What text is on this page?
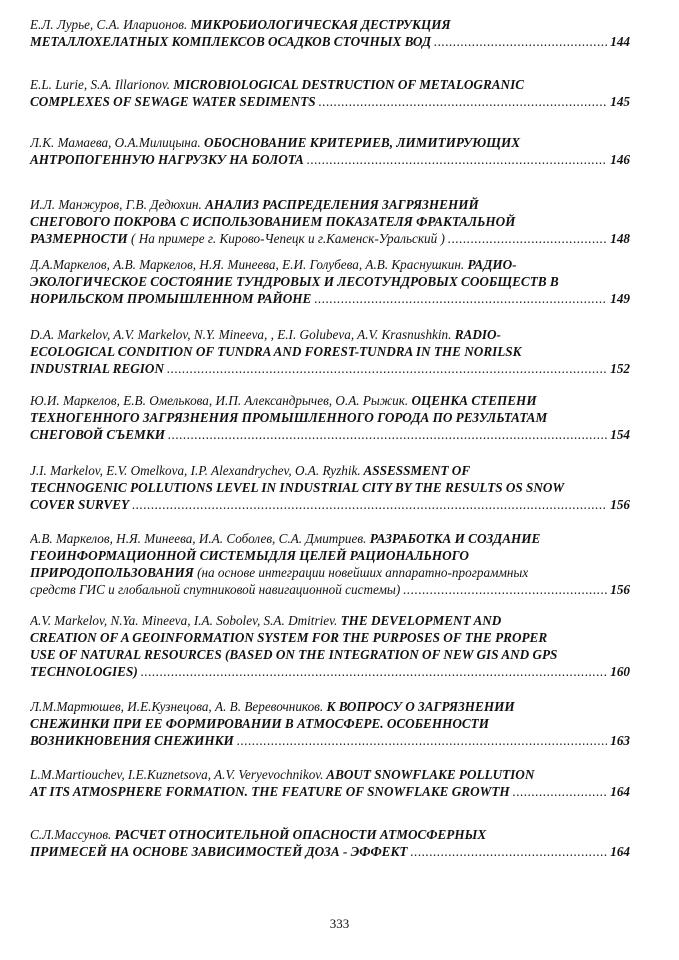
Е.Л. Лурье, С.А. Иларионов. МИКРОБИОЛОГИЧЕСКАЯ ДЕСТРУКЦИЯ
МЕТАЛЛОХЕЛАТНЫХ КОМПЛЕКСОВ ОСАДКОВ СТОЧНЫХ ВОД .....	144
E.L. Lurie, S.A. Illarionov. MICROBIOLOGICAL DESTRUCTION OF METALOGRANIC
COMPLEXES OF SEWAGE WATER SEDIMENTS .....	145
Л.К. Мамаева, О.А.Милицына. ОБОСНОВАНИЕ КРИТЕРИЕВ, ЛИМИТИРУЮЩИХ
АНТРОПОГЕННУЮ НАГРУЗКУ НА БОЛОТА .....	146
И.Л. Манжуров, Г.В. Дедюхин. АНАЛИЗ РАСПРЕДЕЛЕНИЯ ЗАГРЯЗНЕНИЙ
СНЕГОВОГО ПОКРОВА С ИСПОЛЬЗОВАНИЕМ ПОКАЗАТЕЛЯ ФРАКТАЛЬНОЙ
РАЗМЕРНОСТИ ( На примере г. Кирово-Чепецк и г.Каменск-Уральский ) .....	148
Д.А.Маркелов, А.В. Маркелов, Н.Я. Минеева, Е.И. Голубева, А.В. Краснушкин. РАДИО-
ЭКОЛОГИЧЕСКОЕ СОСТОЯНИЕ ТУНДРОВЫХ И ЛЕСОТУНДРОВЫХ СООБЩЕСТВ В
НОРИЛЬСКОМ ПРОМЫШЛЕННОМ РАЙОНЕ .....	149
D.A. Markelov, A.V. Markelov, N.Y. Mineeva, , E.I. Golubeva, A.V. Krasnushkin. RADIO-
ECOLOGICAL CONDITION OF TUNDRA AND FOREST-TUNDRA IN THE NORILSK
INDUSTRIAL REGION .....	152
Ю.И. Маркелов, Е.В. Омелькова, И.П. Александрычев, О.А. Рыжик. ОЦЕНКА СТЕПЕНИ
ТЕХНОГЕННОГО ЗАГРЯЗНЕНИЯ ПРОМЫШЛЕННОГО ГОРОДА ПО РЕЗУЛЬТАТАМ
СНЕГОВОЙ СЪЕМКИ .....	154
J.I. Markelov, E.V. Omelkova, I.P. Alexandrychev, O.A. Ryzhik. ASSESSMENT OF
TECHNOGENIC POLLUTIONS LEVEL IN INDUSTRIAL CITY BY THE RESULTS OS SNOW
COVER SURVEY .....	156
А.В. Маркелов, Н.Я. Минеева, И.А. Соболев, С.А. Дмитриев. РАЗРАБОТКА И СОЗДАНИЕ
ГЕОИНФОРМАЦИОННОЙ СИСТЕМЫДЛЯ ЦЕЛЕЙ РАЦИОНАЛЬНОГО
ПРИРОДОПОЛЬЗОВАНИЯ (на основе интеграции новейших аппаратно-программных
средств ГИС и глобальной спутниковой навигационной системы) .....	156
A.V. Markelov, N.Ya. Mineeva, I.A. Sobolev, S.A. Dmitriev. THE DEVELOPMENT AND
CREATION OF A GEOINFORMATION SYSTEM FOR THE PURPOSES OF THE PROPER
USE OF NATURAL RESOURCES (BASED ON THE INTEGRATION OF NEW GIS AND GPS
TECHNOLOGIES) .....	160
Л.М.Мартюшев, И.Е.Кузнецова, А. В. Веревочников. К ВОПРОСУ О ЗАГРЯЗНЕНИИ
СНЕЖИНКИ ПРИ ЕЕ ФОРМИРОВАНИИ В АТМОСФЕРЕ. ОСОБЕННОСТИ
ВОЗНИКНОВЕНИЯ СНЕЖИНКИ .....	163
L.M.Martiouchev, I.E.Kuznetsova, A.V. Veryevochnikov. ABOUT SNOWFLAKE POLLUTION
AT ITS ATMOSPHERE FORMATION. THE FEATURE OF SNOWFLAKE GROWTH .....	164
С.Л.Массунов. РАСЧЕТ ОТНОСИТЕЛЬНОЙ ОПАСНОСТИ АТМОСФЕРНЫХ
ПРИМЕСЕЙ НА ОСНОВЕ ЗАВИСИМОСТЕЙ ДОЗА - ЭФФЕКТ .....	164
333
